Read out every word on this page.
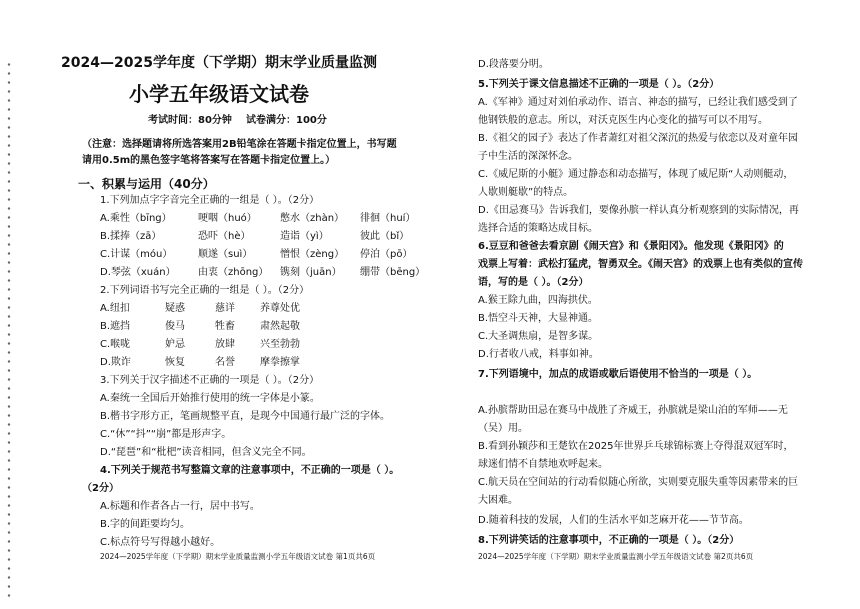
2024—2025学年度（下学期）期末学业质量监测
小学五年级语文试卷
考试时间：80分钟 试卷满分：100分
（注意：选择题请将所选答案用2B铅笔涂在答题卡指定位置上，书写题
请用0.5m的黑色签字笔将答案写在答题卡指定位置上。）
一、积累与运用（40分）
1.下列加点字字音完全正确的一组是（ ）。（2分）
A.乘性（bīng）	哽咽（huó） 憋水（zhàn） 徘徊（huí）
B.揉捧（zā）	恐吓（hè）	造诣（yì）	彼此（bǐ）
C.计谋（móu）	顺遂（suì）	憎恨（zèng） 停泊（pō）
D.琴弦（xuán） 由衷（zhōng） 镌刻（juān） 绷带（bēng）
2.下列词语书写完全正确的一组是（ ）。（2分）
A.纽扣	疑惑	慈详	养尊处优
B.遮挡	俊马	牲畜	肃然起敬
C.喉咙	妒忌	放肆	兴至勃勃
D.欺诈	恢复	名誉	摩拳擦掌
3.下列关于汉字描述不正确的一项是（ ）。（2分）
A.秦统一全国后开始推行使用的统一字体是小篆。
B.楷书字形方正，笔画规整平直，是现今中国通行最广泛的字体。
C.“休”“抖”“崩”都是形声字。
D.“琵琶”和“枇杷”读音相同，但含义完全不同。
4.下列关于规范书写整篇文章的注意事项中，不正确的一项是（ ）。
（2分）
A.标题和作者各占一行，居中书写。
B.字的间距要均匀。
C.标点符号写得越小越好。
2024—2025学年度（下学期）期末学业质量监测小学五年级语文试卷 第1页共6页
D.段落要分明。
5.下列关于课文信息描述不正确的一项是（ ）。（2分）
A.《军神》通过对刘伯承动作、语言、神态的描写，已经让我们感受到了
他钢铁般的意志。所以，对沃克医生内心变化的描写可以不用写。
B.《祖父的园子》表达了作者萧红对祖父深沉的热爱与依恋以及对童年园
子中生活的深深怀念。
C.《威尼斯的小艇》通过静态和动态描写，体现了威尼斯“人动则艇动，
人歇则艇歇”的特点。
D.《田忌赛马》告诉我们，要像孙膑一样认真分析观察到的实际情况，再
选择合适的策略达成目标。
6.豆豆和爸爸去看京剧《闹天宫》和《景阳冈》。他发现《景阳冈》的
戏票上写着：武松打猛虎，智勇双全。《闹天宫》的戏票上也有类似的宣传
语，写的是（ ）。（2分）
A.猴王除九曲，四海拱伏。
B.悟空斗天神，大显神通。
C.大圣调焦扇，是智多谋。
D.行者收八戒，料事如神。
7.下列语境中，加点的成语或歇后语使用不恰当的一项是（ ）。
A.孙膑帮助田忌在赛马中战胜了齐威王，孙膑就是梁山泊的军师——无
（吴）用。
B.看到孙颖莎和王楚钦在2025年世界乒乓球锦标赛上夺得混双冠军时，
球迷们情不自禁地欢呼起来。
C.航天员在空间站的行动看似随心所欲，实则要克服失重等因素带来的巨
大困难。
D.随着科技的发展，人们的生活水平如芝麻开花——节节高。
8.下列讲笑话的注意事项中，不正确的一项是（ ）。（2分）
2024—2025学年度（下学期）期末学业质量监测小学五年级语文试卷 第2页共6页
